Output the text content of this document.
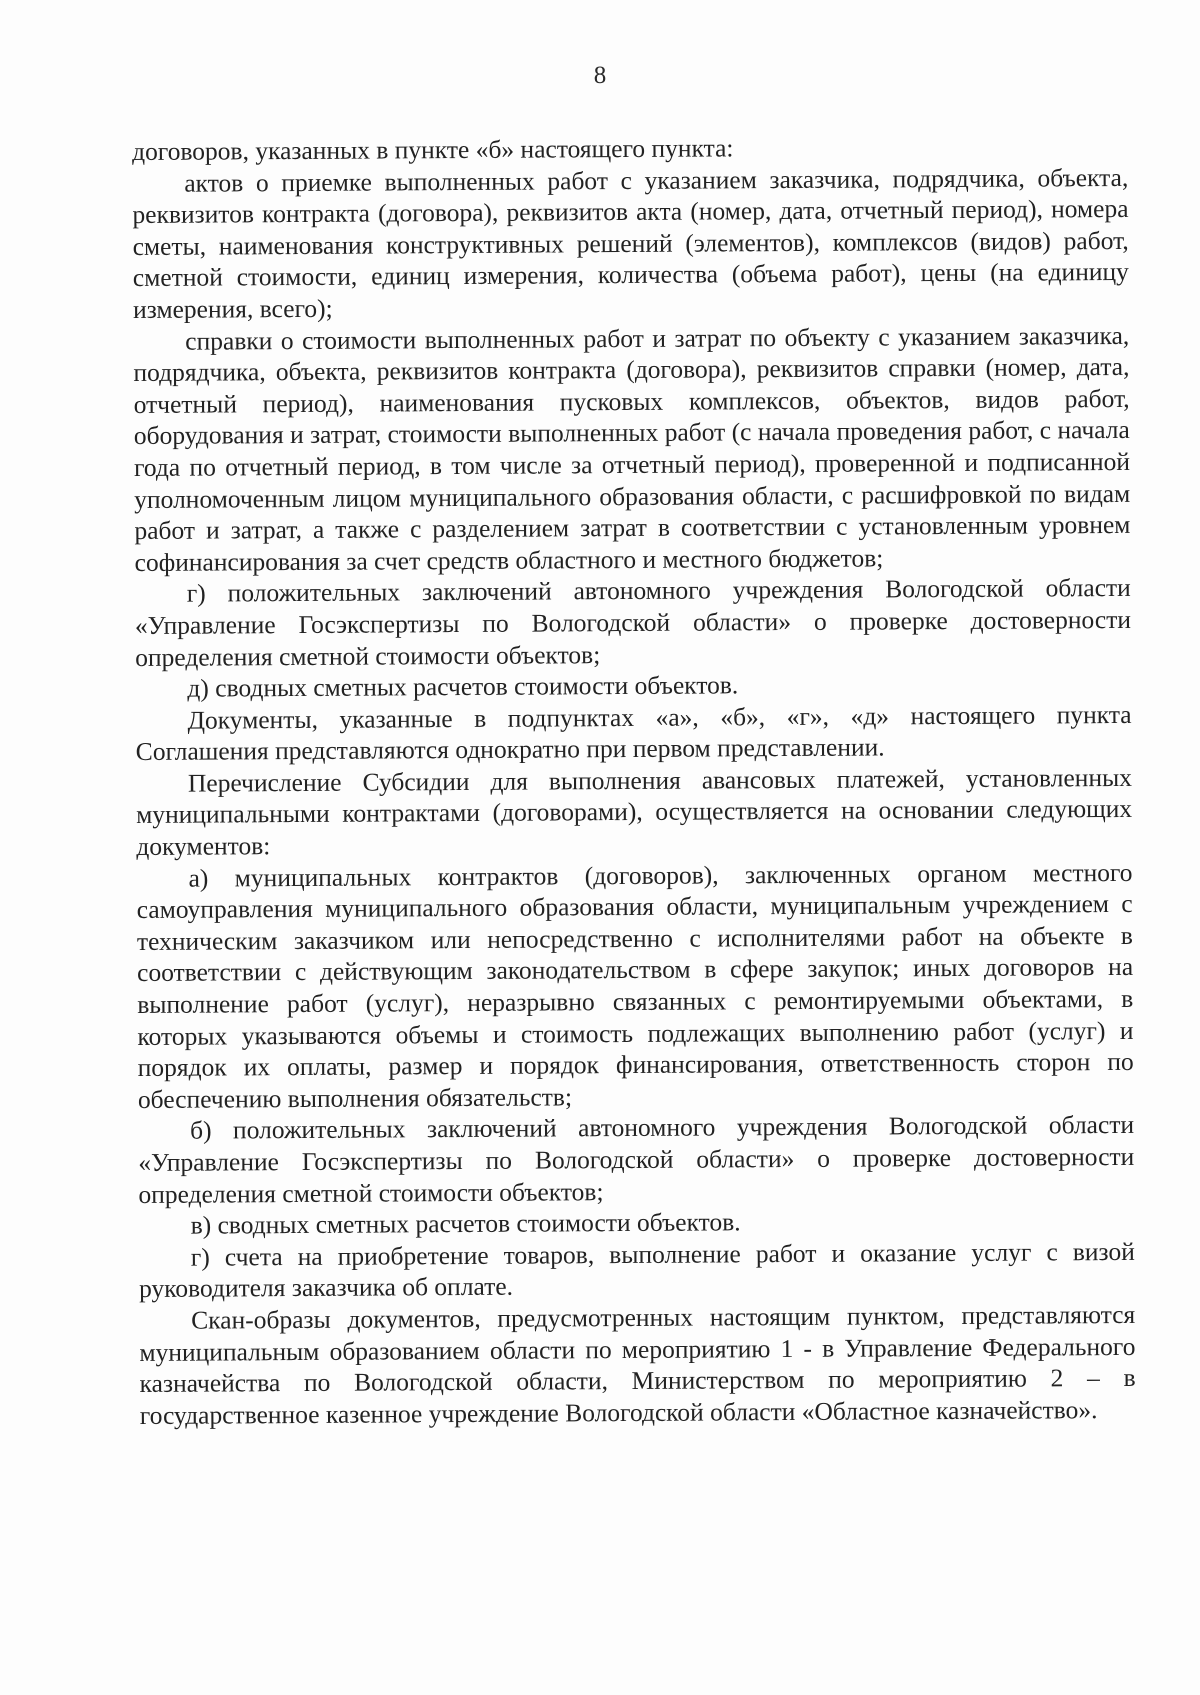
8

договоров, указанных в пункте «б» настоящего пункта:

актов о приемке выполненных работ с указанием заказчика, подрядчика, объекта, реквизитов контракта (договора), реквизитов акта (номер, дата, отчетный период), номера сметы, наименования конструктивных решений (элементов), комплексов (видов) работ, сметной стоимости, единиц измерения, количества (объема работ), цены (на единицу измерения, всего);

справки о стоимости выполненных работ и затрат по объекту с указанием заказчика, подрядчика, объекта, реквизитов контракта (договора), реквизитов справки (номер, дата, отчетный период), наименования пусковых комплексов, объектов, видов работ, оборудования и затрат, стоимости выполненных работ (с начала проведения работ, с начала года по отчетный период, в том числе за отчетный период), проверенной и подписанной уполномоченным лицом муниципального образования области, с расшифровкой по видам работ и затрат, а также с разделением затрат в соответствии с установленным уровнем софинансирования за счет средств областного и местного бюджетов;

г) положительных заключений автономного учреждения Вологодской области «Управление Госэкспертизы по Вологодской области» о проверке достоверности определения сметной стоимости объектов;

д) сводных сметных расчетов стоимости объектов.

Документы, указанные в подпунктах «а», «б», «г», «д» настоящего пункта Соглашения представляются однократно при первом представлении.

Перечисление Субсидии для выполнения авансовых платежей, установленных муниципальными контрактами (договорами), осуществляется на основании следующих документов:

а) муниципальных контрактов (договоров), заключенных органом местного самоуправления муниципального образования области, муниципальным учреждением с техническим заказчиком или непосредственно с исполнителями работ на объекте в соответствии с действующим законодательством в сфере закупок; иных договоров на выполнение работ (услуг), неразрывно связанных с ремонтируемыми объектами, в которых указываются объемы и стоимость подлежащих выполнению работ (услуг) и порядок их оплаты, размер и порядок финансирования, ответственность сторон по обеспечению выполнения обязательств;

б) положительных заключений автономного учреждения Вологодской области «Управление Госэкспертизы по Вологодской области» о проверке достоверности определения сметной стоимости объектов;

в) сводных сметных расчетов стоимости объектов.

г) счета на приобретение товаров, выполнение работ и оказание услуг с визой руководителя заказчика об оплате.

Скан-образы документов, предусмотренных настоящим пунктом, представляются муниципальным образованием области по мероприятию 1 - в Управление Федерального казначейства по Вологодской области, Министерством по мероприятию 2 – в государственное казенное учреждение Вологодской области «Областное казначейство».
